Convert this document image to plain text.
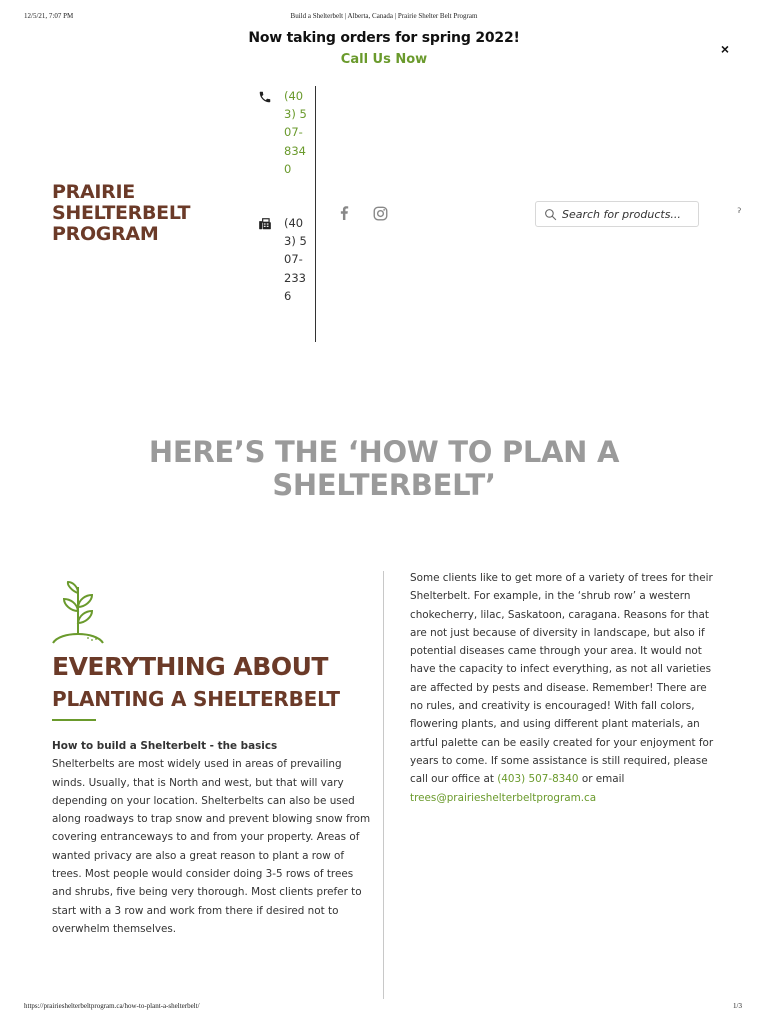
12/5/21, 7:07 PM	Build a Shelterbelt | Alberta, Canada | Prairie Shelter Belt Program
Now taking orders for spring 2022!
Call Us Now
×
PRAIRIE
SHELTERBELT
PROGRAM
(403) 507-8340
(403) 507-2336
Search for products...
ˀ
HERE’S THE ‘HOW TO PLAN A SHELTERBELT’
EVERYTHING ABOUT
PLANTING A SHELTERBELT
How to build a Shelterbelt - the basics

Shelterbelts are most widely used in areas of prevailing winds. Usually, that is North and west, but that will vary depending on your location. Shelterbelts can also be used along roadways to trap snow and prevent blowing snow from covering entranceways to and from your property. Areas of wanted privacy are also a great reason to plant a row of trees. Most people would consider doing 3-5 rows of trees and shrubs, five being very thorough. Most clients prefer to start with a 3 row and work from there if desired not to overwhelm themselves.

Some clients like to get more of a variety of trees for their Shelterbelt. For example, in the ‘shrub row’ a western chokecherry, lilac, Saskatoon, caragana. Reasons for that are not just because of diversity in landscape, but also if potential diseases came through your area. It would not have the capacity to infect everything, as not all varieties are affected by pests and disease. Remember! There are no rules, and creativity is encouraged! With fall colors, flowering plants, and using different plant materials, an artful palette can be easily created for your enjoyment for years to come. If some assistance is still required, please call our office at (403) 507-8340 or email trees@prairieshelterbeltprogram.ca
https://prairieshelterbeltprogram.ca/how-to-plant-a-shelterbelt/	1/3
